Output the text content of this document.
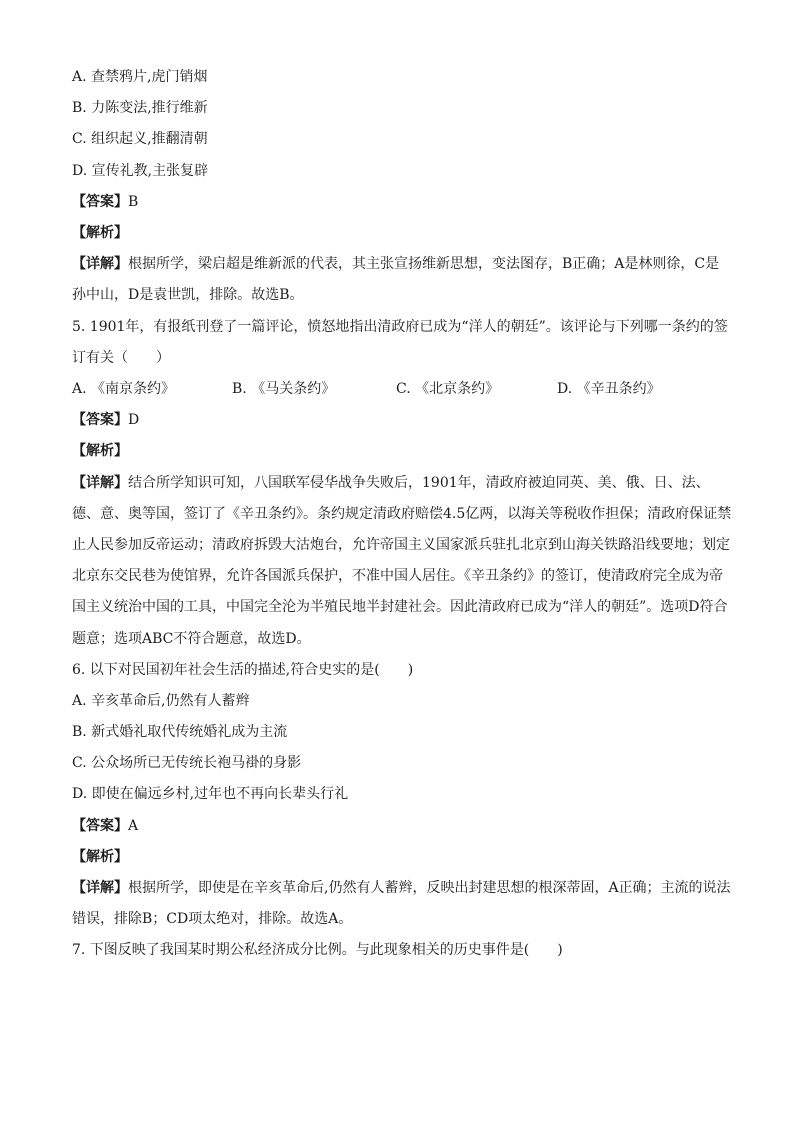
A. 查禁鸦片,虎门销烟
B. 力陈变法,推行维新
C. 组织起义,推翻清朝
D. 宣传礼教,主张复辟
【答案】B
【解析】
【详解】根据所学，梁启超是维新派的代表，其主张宣扬维新思想，变法图存，B正确；A是林则徐，C是孙中山，D是袁世凯，排除。故选B。
5. 1901年，有报纸刊登了一篇评论，愤怒地指出清政府已成为“洋人的朝廷”。该评论与下列哪一条约的签订有关（　　）
A. 《南京条约》	B. 《马关条约》	C. 《北京条约》	D. 《辛丑条约》
【答案】D
【解析】
【详解】结合所学知识可知，八国联军侵华战争失败后，1901年，清政府被迫同英、美、俄、日、法、德、意、奥等国，签订了《辛丑条约》。条约规定清政府赔偿4.5亿两，以海关等税收作担保；清政府保证禁止人民参加反帝运动；清政府拆毁大沽炮台，允许帝国主义国家派兵驻扎北京到山海关铁路沿线要地；划定北京东交民巷为使馆界，允许各国派兵保护，不准中国人居住。《辛丑条约》的签订，使清政府完全成为帝国主义统治中国的工具，中国完全沦为半殖民地半封建社会。因此清政府已成为“洋人的朝廷”。选项D符合题意；选项ABC不符合题意，故选D。
6. 以下对民国初年社会生活的描述,符合史实的是(　　)
A. 辛亥革命后,仍然有人蓄辫
B. 新式婚礼取代传统婚礼成为主流
C. 公众场所已无传统长袍马褂的身影
D. 即使在偏远乡村,过年也不再向长辈头行礼
【答案】A
【解析】
【详解】根据所学，即使是在辛亥革命后,仍然有人蓄辫，反映出封建思想的根深蒂固，A正确；主流的说法错误，排除B；CD项太绝对，排除。故选A。
7. 下图反映了我国某时期公私经济成分比例。与此现象相关的历史事件是(　　)
